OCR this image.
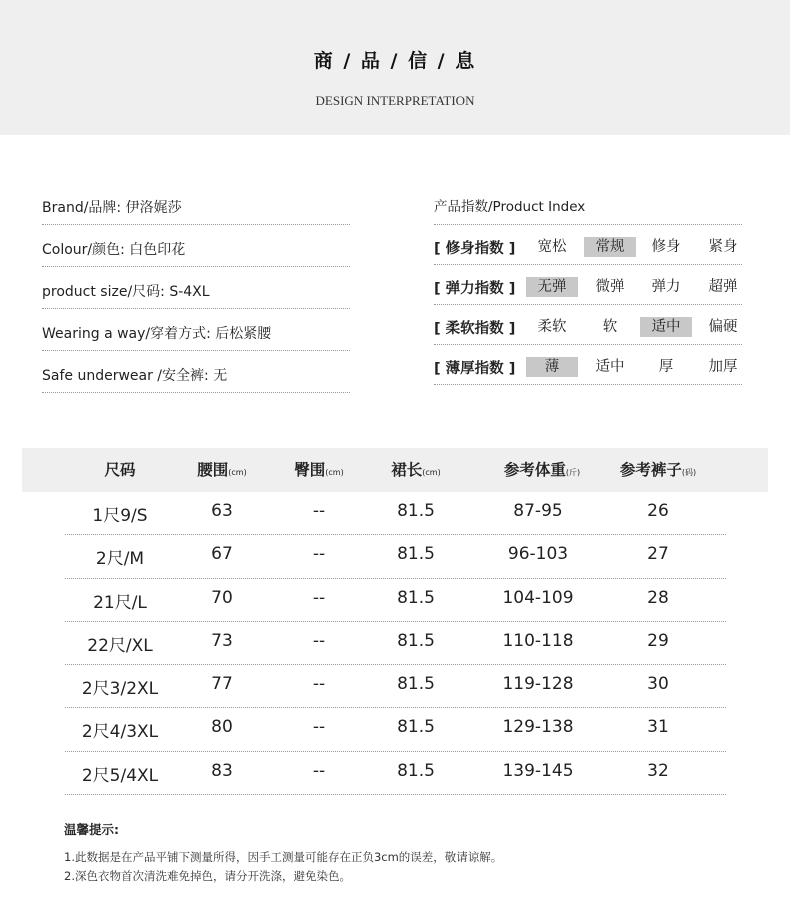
商 / 品 / 信 / 息
DESIGN INTERPRETATION
Brand/品牌: 伊洛娓莎
Colour/颜色: 白色印花
product size/尺码: S-4XL
Wearing a way/穿着方式: 后松紧腰
Safe underwear /安全裤: 无
产品指数/Product Index
[ 修身指数 ]	宽松	常规	修身	紧身
[ 弹力指数 ]	无弹	微弹	弹力	超弹
[ 柔软指数 ]	柔软	软	适中	偏硬
[ 薄厚指数 ]	薄	适中	厚	加厚
尺码	腰围(cm)	臀围(cm)	裙长(cm)	参考体重(斤)	参考裤子(码)
1尺9/S	63	--	81.5	87-95	26
2尺/M	67	--	81.5	96-103	27
21尺/L	70	--	81.5	104-109	28
22尺/XL	73	--	81.5	110-118	29
2尺3/2XL	77	--	81.5	119-128	30
2尺4/3XL	80	--	81.5	129-138	31
2尺5/4XL	83	--	81.5	139-145	32
温馨提示:
1.此数据是在产品平铺下测量所得，因手工测量可能存在正负3cm的误差，敬请谅解。
2.深色衣物首次清洗难免掉色，请分开洗涤，避免染色。
